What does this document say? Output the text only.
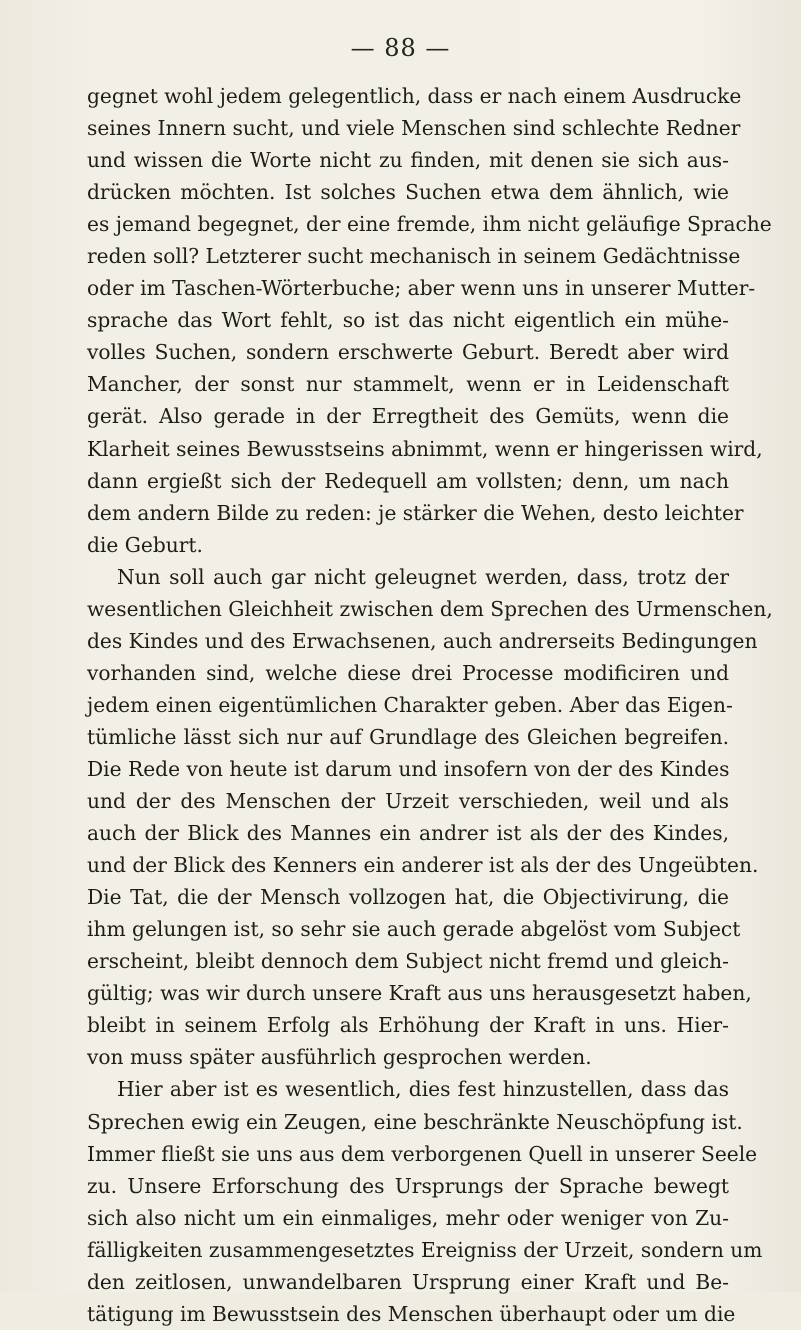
— 88 —
gegnet wohl jedem gelegentlich, dass er nach einem Ausdrucke
seines Innern sucht, und viele Menschen sind schlechte Redner
und wissen die Worte nicht zu finden, mit denen sie sich aus-
drücken möchten. Ist solches Suchen etwa dem ähnlich, wie
es jemand begegnet, der eine fremde, ihm nicht geläufige Sprache
reden soll? Letzterer sucht mechanisch in seinem Gedächtnisse
oder im Taschen-Wörterbuche; aber wenn uns in unserer Mutter-
sprache das Wort fehlt, so ist das nicht eigentlich ein mühe-
volles Suchen, sondern erschwerte Geburt. Beredt aber wird
Mancher, der sonst nur stammelt, wenn er in Leidenschaft
gerät. Also gerade in der Erregtheit des Gemüts, wenn die
Klarheit seines Bewusstseins abnimmt, wenn er hingerissen wird,
dann ergießt sich der Redequell am vollsten; denn, um nach
dem andern Bilde zu reden: je stärker die Wehen, desto leichter
die Geburt.
Nun soll auch gar nicht geleugnet werden, dass, trotz der
wesentlichen Gleichheit zwischen dem Sprechen des Urmenschen,
des Kindes und des Erwachsenen, auch andrerseits Bedingungen
vorhanden sind, welche diese drei Processe modificiren und
jedem einen eigentümlichen Charakter geben. Aber das Eigen-
tümliche lässt sich nur auf Grundlage des Gleichen begreifen.
Die Rede von heute ist darum und insofern von der des Kindes
und der des Menschen der Urzeit verschieden, weil und als
auch der Blick des Mannes ein andrer ist als der des Kindes,
und der Blick des Kenners ein anderer ist als der des Ungeübten.
Die Tat, die der Mensch vollzogen hat, die Objectivirung, die
ihm gelungen ist, so sehr sie auch gerade abgelöst vom Subject
erscheint, bleibt dennoch dem Subject nicht fremd und gleich-
gültig; was wir durch unsere Kraft aus uns herausgesetzt haben,
bleibt in seinem Erfolg als Erhöhung der Kraft in uns. Hier-
von muss später ausführlich gesprochen werden.
Hier aber ist es wesentlich, dies fest hinzustellen, dass das
Sprechen ewig ein Zeugen, eine beschränkte Neuschöpfung ist.
Immer fließt sie uns aus dem verborgenen Quell in unserer Seele
zu. Unsere Erforschung des Ursprungs der Sprache bewegt
sich also nicht um ein einmaliges, mehr oder weniger von Zu-
fälligkeiten zusammengesetztes Ereigniss der Urzeit, sondern um
den zeitlosen, unwandelbaren Ursprung einer Kraft und Be-
tätigung im Bewusstsein des Menschen überhaupt oder um die
